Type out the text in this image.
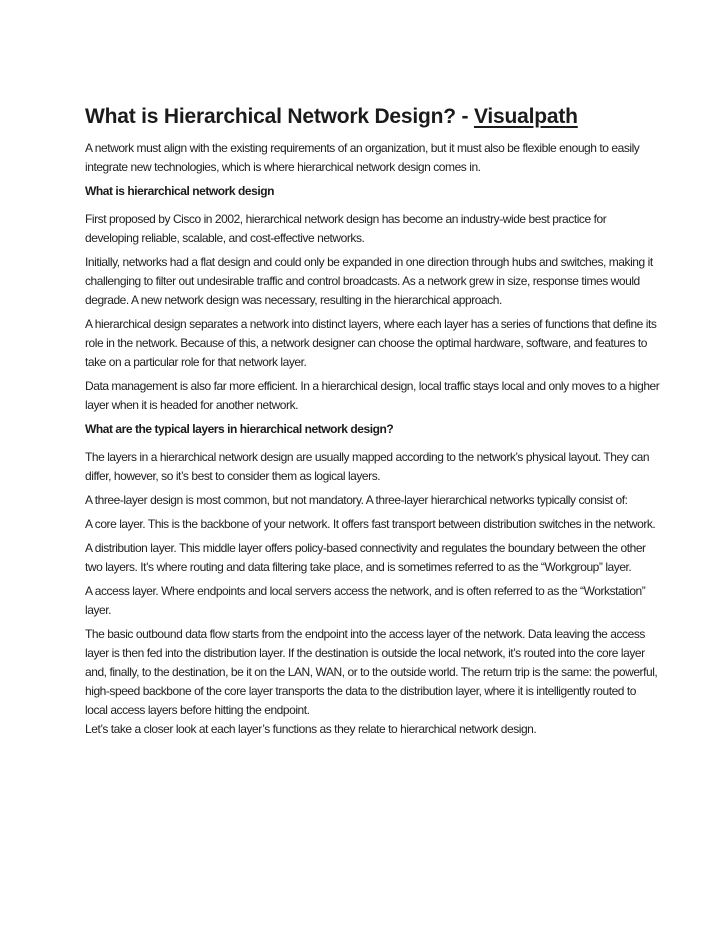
What is Hierarchical Network Design? - Visualpath

A network must align with the existing requirements of an organization, but it must also be flexible enough to easily integrate new technologies, which is where hierarchical network design comes in.

What is hierarchical network design

First proposed by Cisco in 2002, hierarchical network design has become an industry-wide best practice for developing reliable, scalable, and cost-effective networks.

Initially, networks had a flat design and could only be expanded in one direction through hubs and switches, making it challenging to filter out undesirable traffic and control broadcasts. As a network grew in size, response times would degrade. A new network design was necessary, resulting in the hierarchical approach.

A hierarchical design separates a network into distinct layers, where each layer has a series of functions that define its role in the network. Because of this, a network designer can choose the optimal hardware, software, and features to take on a particular role for that network layer.

Data management is also far more efficient. In a hierarchical design, local traffic stays local and only moves to a higher layer when it is headed for another network.

What are the typical layers in hierarchical network design?

The layers in a hierarchical network design are usually mapped according to the network’s physical layout. They can differ, however, so it’s best to consider them as logical layers.

A three-layer design is most common, but not mandatory. A three-layer hierarchical networks typically consist of:

A core layer. This is the backbone of your network. It offers fast transport between distribution switches in the network.

A distribution layer. This middle layer offers policy-based connectivity and regulates the boundary between the other two layers. It’s where routing and data filtering take place, and is sometimes referred to as the “Workgroup” layer.

A access layer. Where endpoints and local servers access the network, and is often referred to as the “Workstation” layer.

The basic outbound data flow starts from the endpoint into the access layer of the network. Data leaving the access layer is then fed into the distribution layer. If the destination is outside the local network, it’s routed into the core layer and, finally, to the destination, be it on the LAN, WAN, or to the outside world. The return trip is the same: the powerful, high-speed backbone of the core layer transports the data to the distribution layer, where it is intelligently routed to local access layers before hitting the endpoint.
Let’s take a closer look at each layer’s functions as they relate to hierarchical network design.
